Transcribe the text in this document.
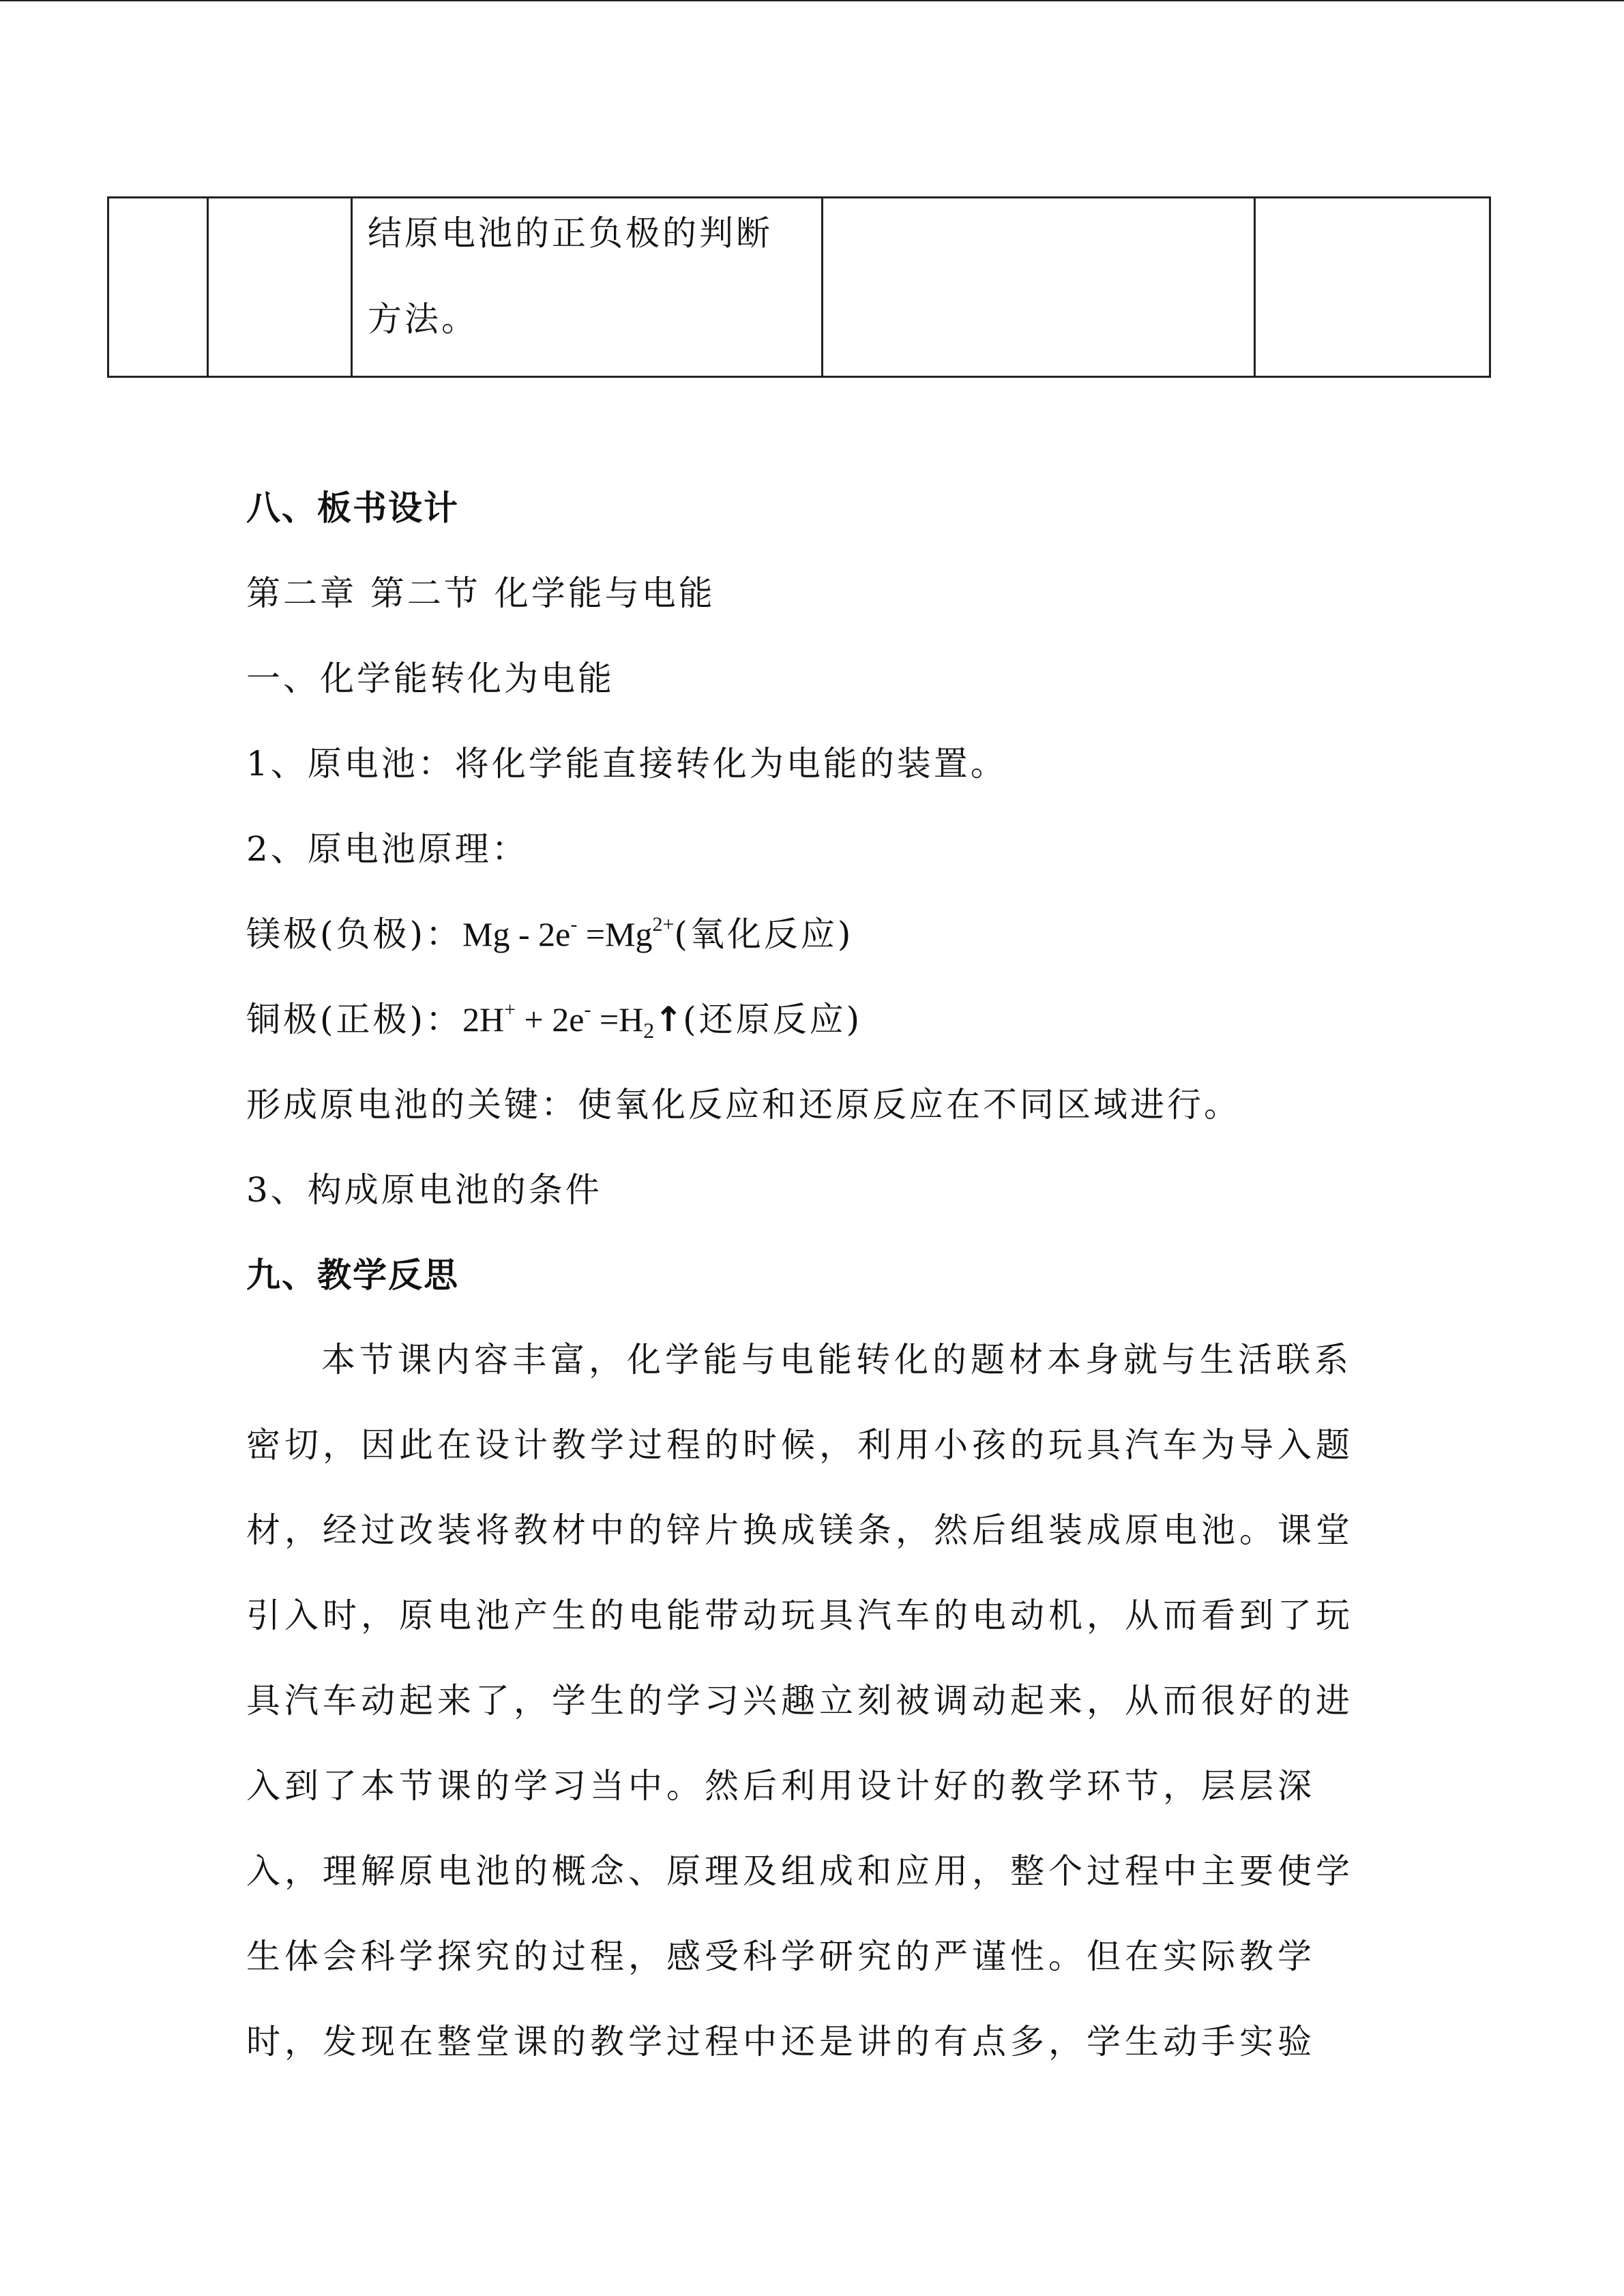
结原电池的正负极的判断
方法。

八、板书设计
第二章 第二节 化学能与电能
一、化学能转化为电能
1、原电池：将化学能直接转化为电能的装置。
2、原电池原理：
镁极(负极)：$Mg - 2e^- =Mg^{2+}$(氧化反应)
铜极(正极)：$2H^+ + 2e^- =H_2↑$(还原反应)
形成原电池的关键：使氧化反应和还原反应在不同区域进行。
3、构成原电池的条件
九、教学反思
本节课内容丰富，化学能与电能转化的题材本身就与生活联系
密切，因此在设计教学过程的时候，利用小孩的玩具汽车为导入题
材，经过改装将教材中的锌片换成镁条，然后组装成原电池。课堂
引入时，原电池产生的电能带动玩具汽车的电动机，从而看到了玩
具汽车动起来了，学生的学习兴趣立刻被调动起来，从而很好的进
入到了本节课的学习当中。然后利用设计好的教学环节，层层深
入，理解原电池的概念、原理及组成和应用，整个过程中主要使学
生体会科学探究的过程，感受科学研究的严谨性。但在实际教学
时，发现在整堂课的教学过程中还是讲的有点多，学生动手实验
